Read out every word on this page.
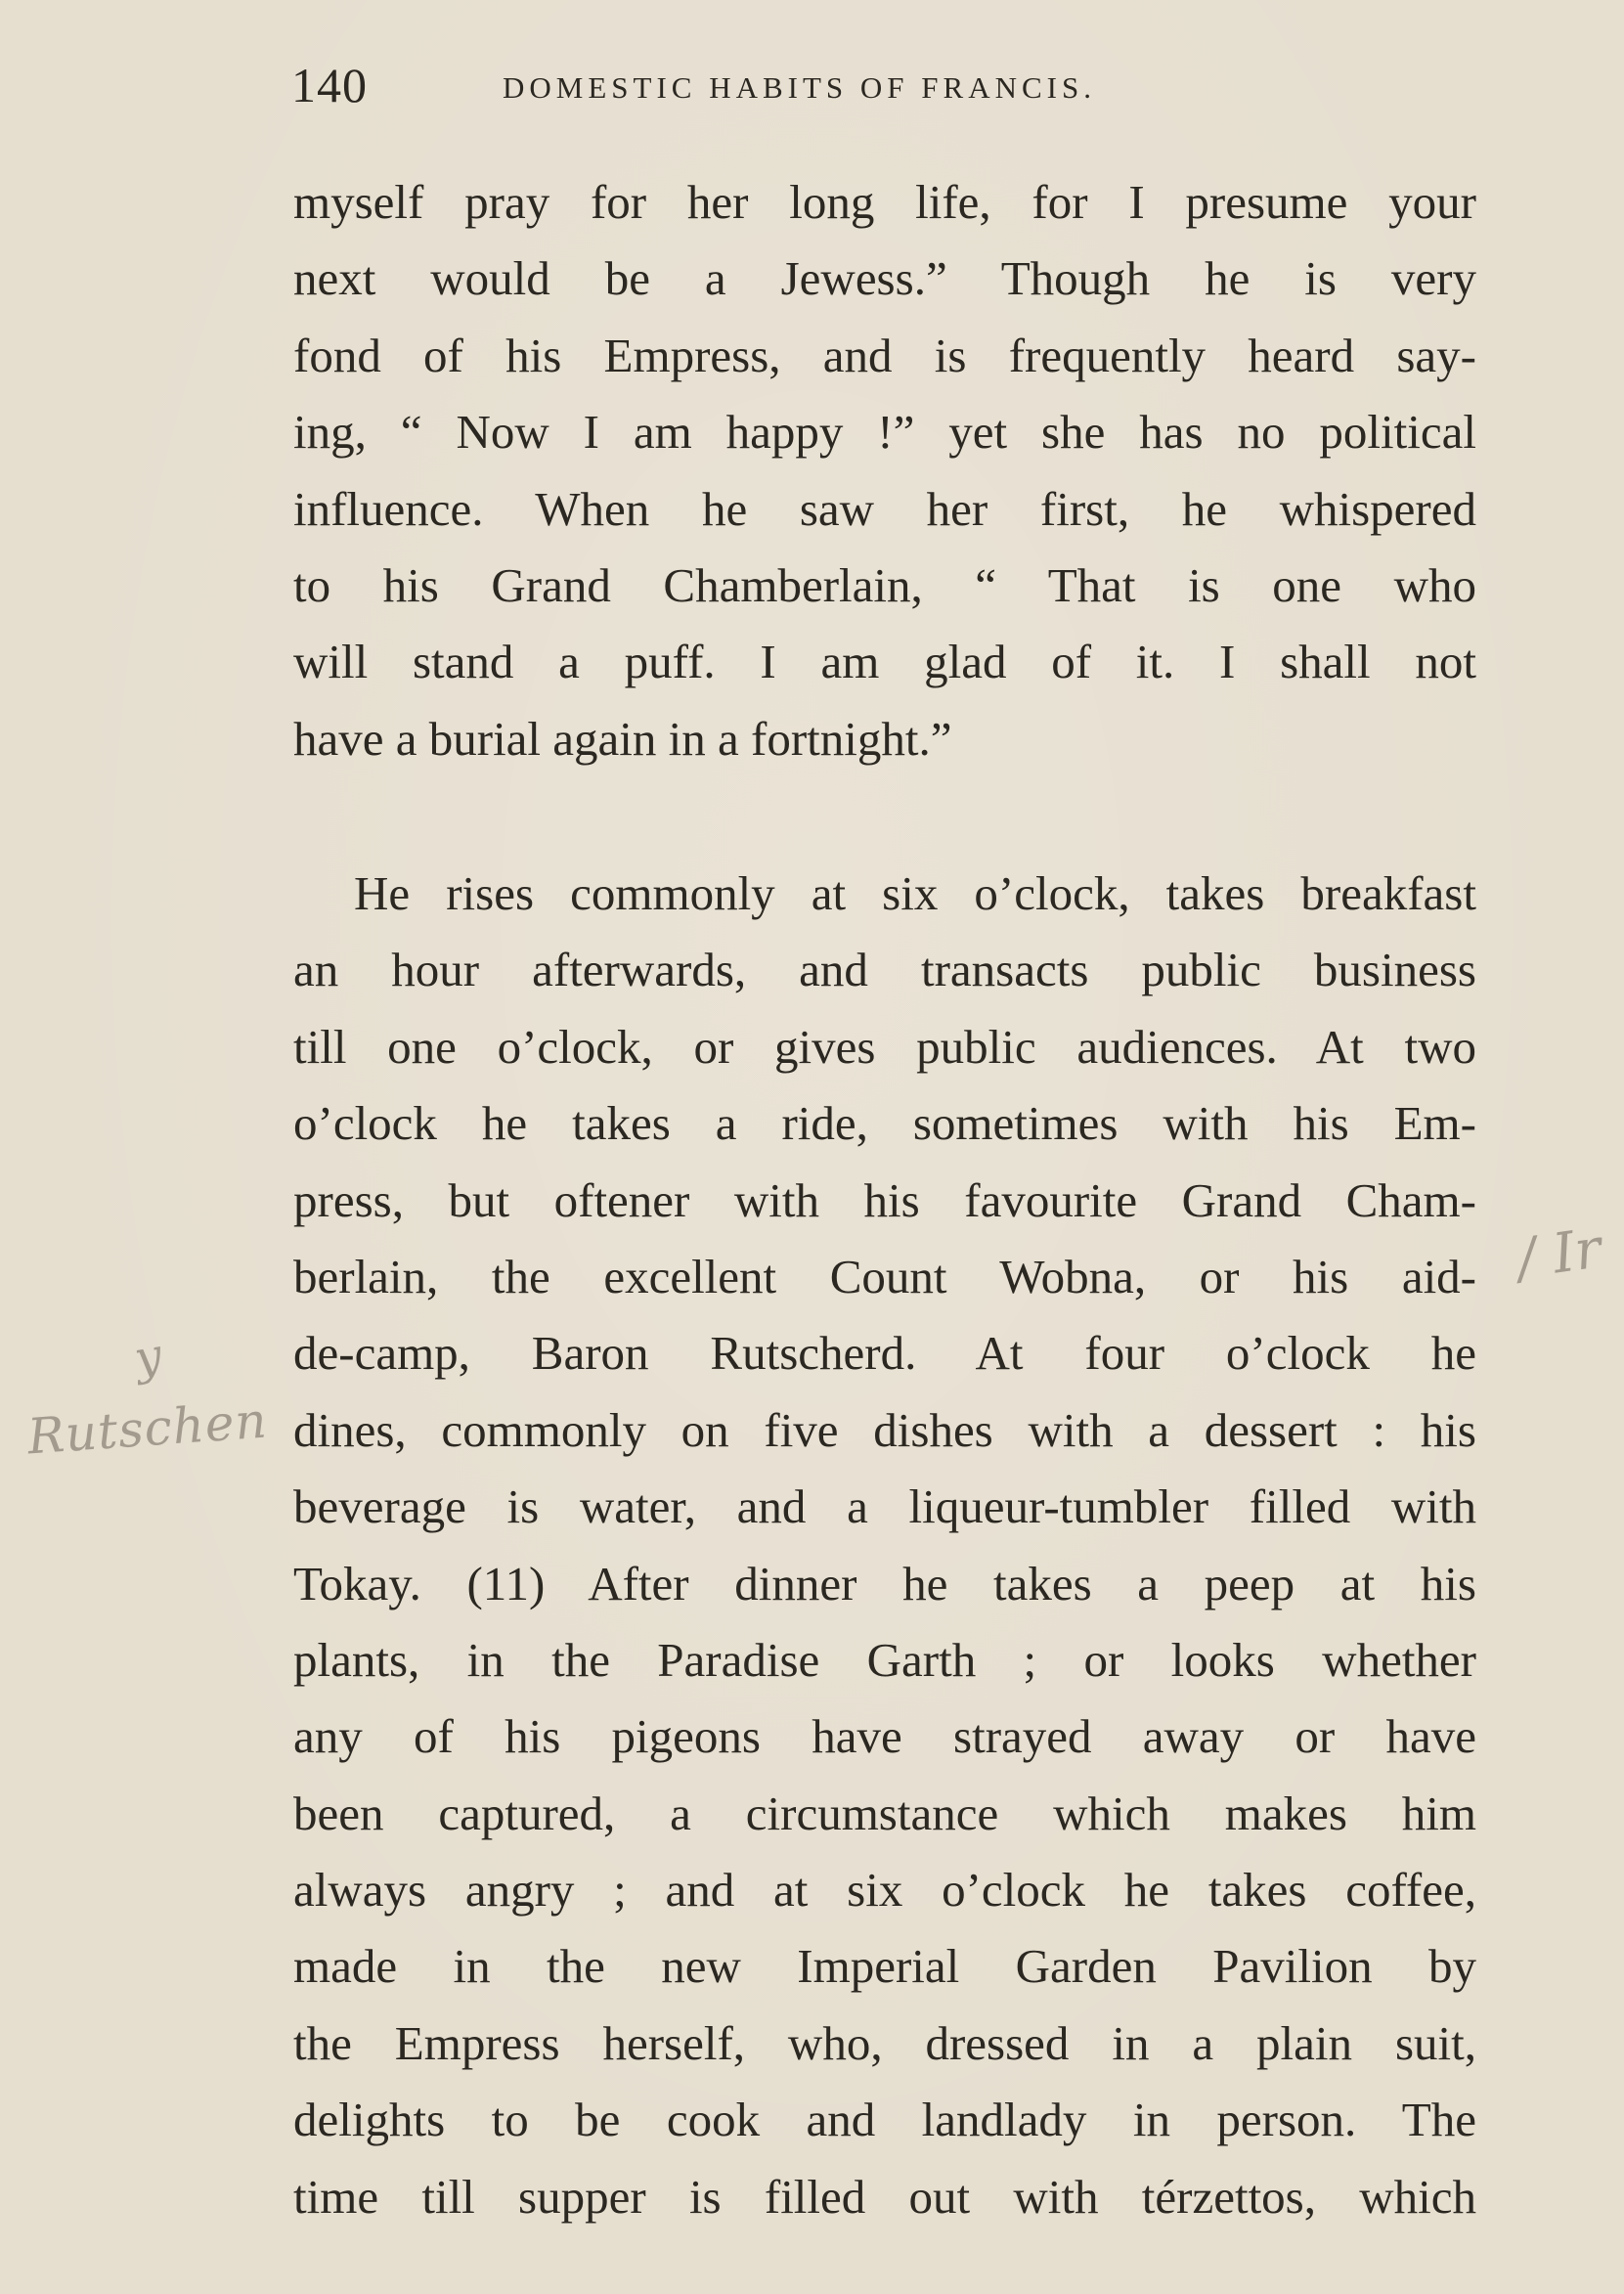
140	DOMESTIC HABITS OF FRANCIS.
myself pray for her long life, for I presume your
next would be a Jewess.” Though he is very
fond of his Empress, and is frequently heard say-
ing, “ Now I am happy !” yet she has no political
influence. When he saw her first, he whispered
to his Grand Chamberlain, “ That is one who
will stand a puff. I am glad of it. I shall not
have a burial again in a fortnight.”
He rises commonly at six o’clock, takes breakfast
an hour afterwards, and transacts public business
till one o’clock, or gives public audiences. At two
o’clock he takes a ride, sometimes with his Em-
press, but oftener with his favourite Grand Cham-
berlain, the excellent Count Wobna, or his aid-
de-camp, Baron Rutscherd. At four o’clock he
dines, commonly on five dishes with a dessert : his
beverage is water, and a liqueur-tumbler filled with
Tokay. (11) After dinner he takes a peep at his
plants, in the Paradise Garth ; or looks whether
any of his pigeons have strayed away or have
been captured, a circumstance which makes him
always angry ; and at six o’clock he takes coffee,
made in the new Imperial Garden Pavilion by
the Empress herself, who, dressed in a plain suit,
delights to be cook and landlady in person. The
time till supper is filled out with térzettos, which
y
Rutschen
/ Ir
